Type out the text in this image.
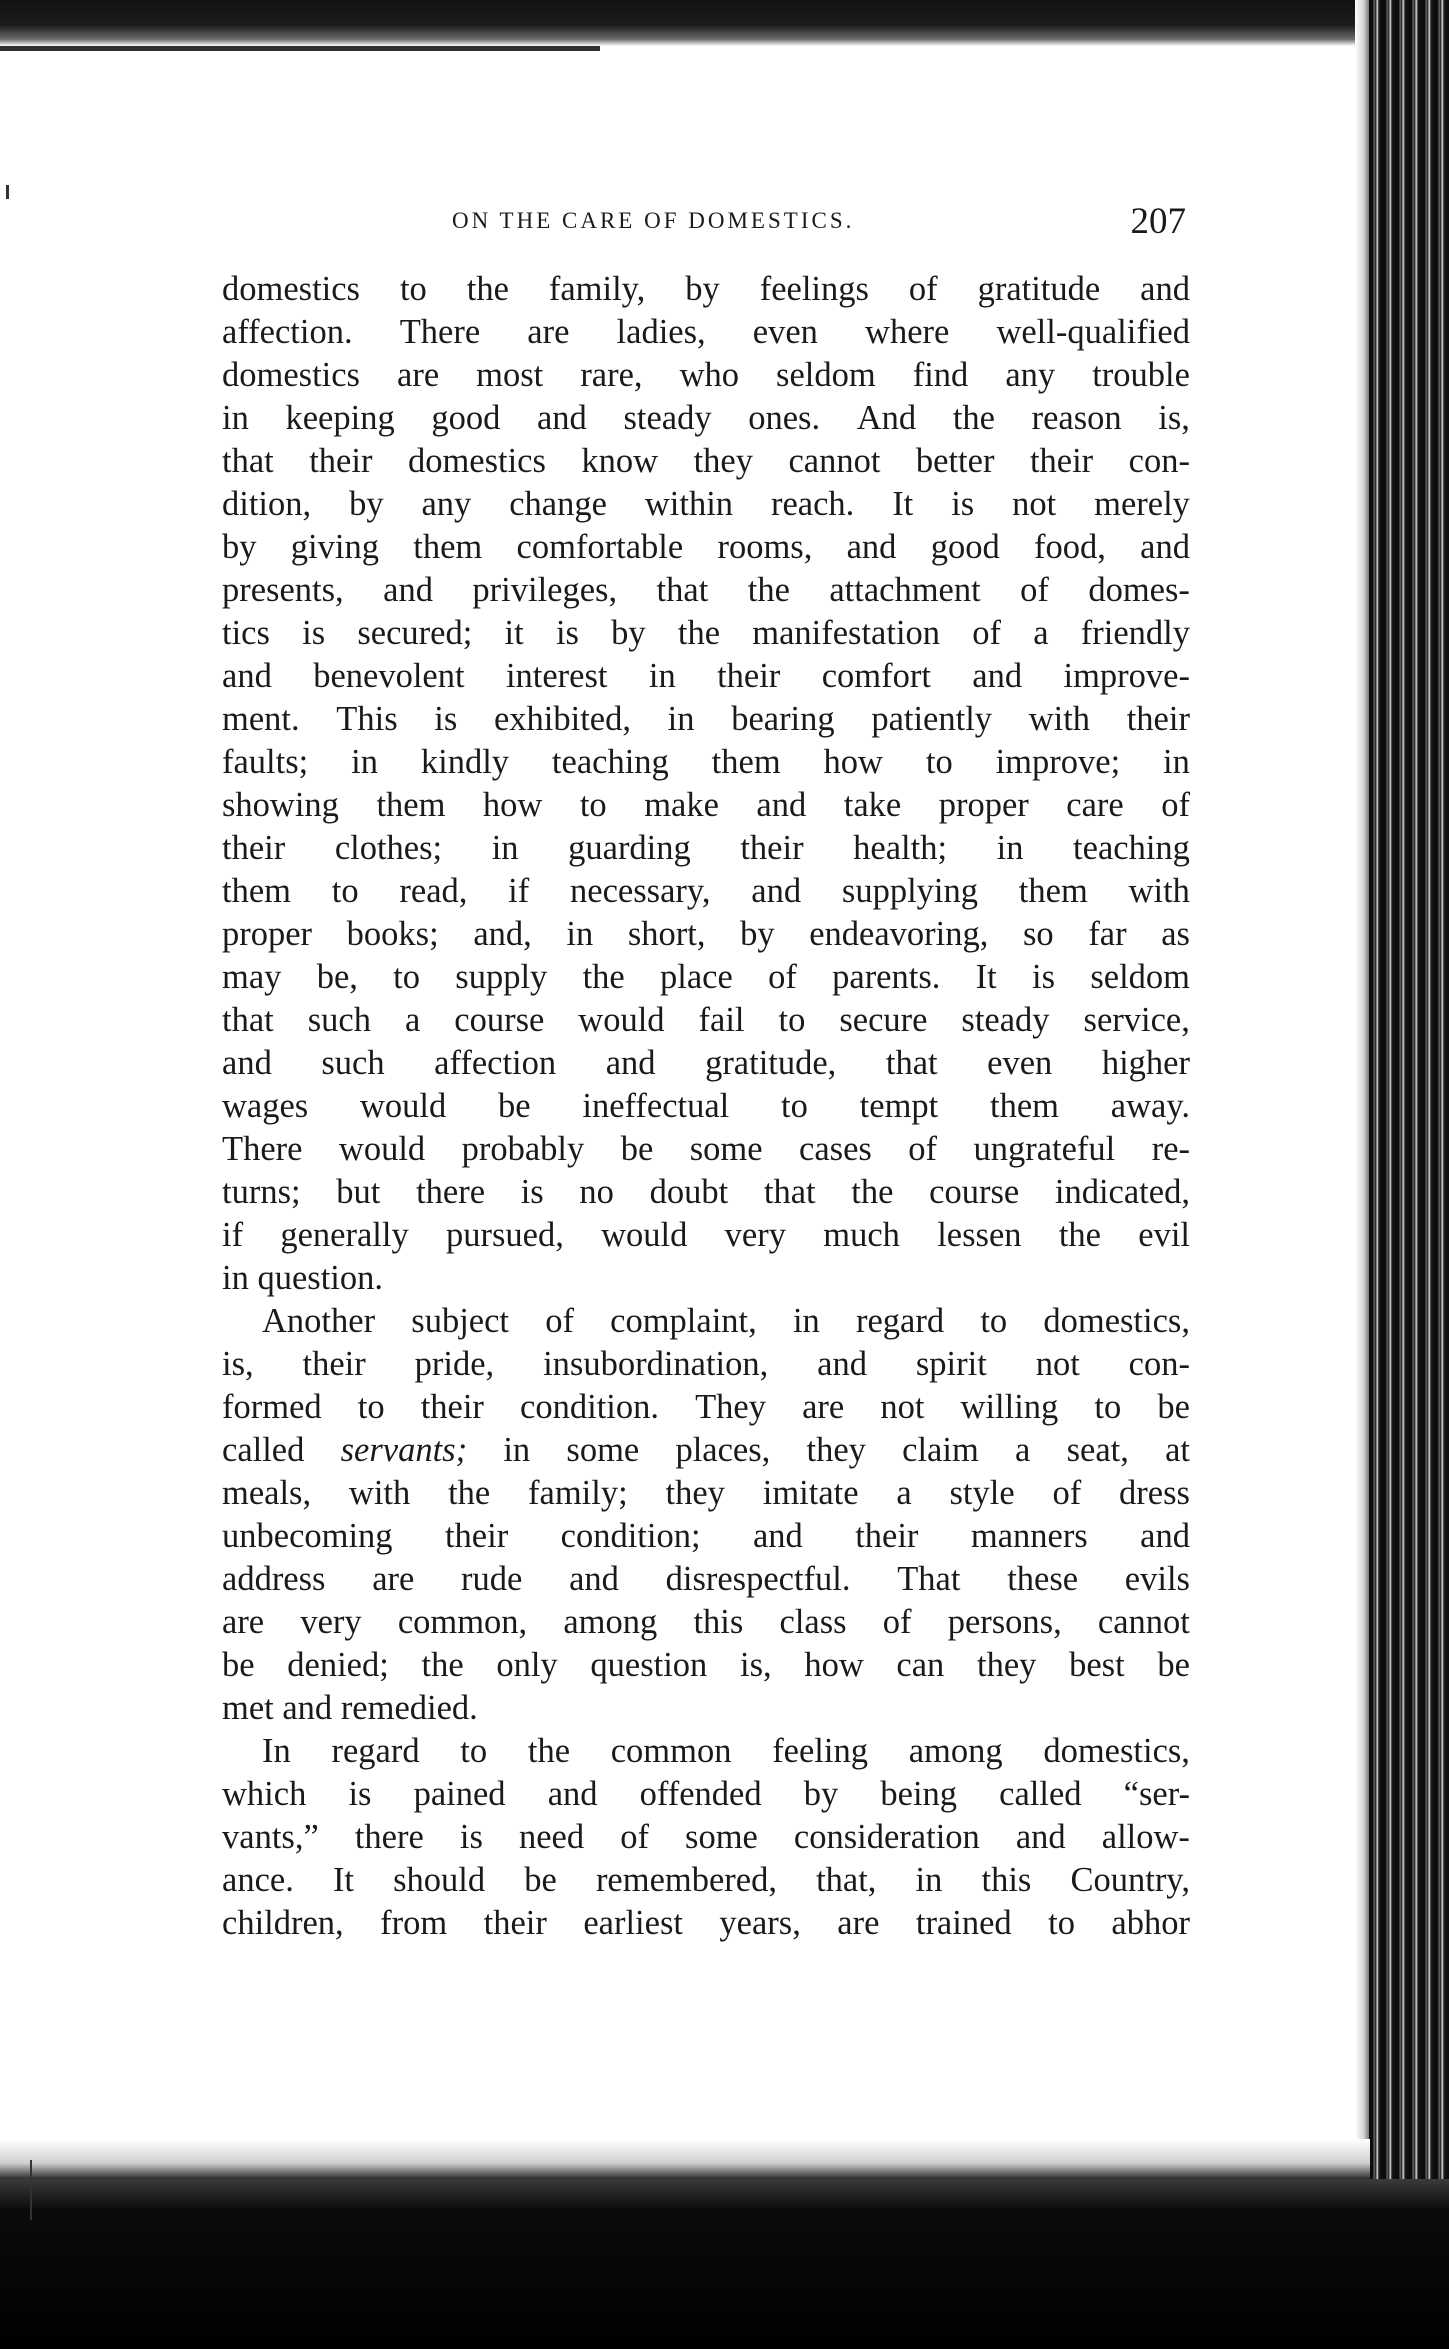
ON THE CARE OF DOMESTICS.	207
domestics to the family, by feelings of gratitude and
affection. There are ladies, even where well-qualified
domestics are most rare, who seldom find any trouble
in keeping good and steady ones. And the reason is,
that their domestics know they cannot better their con-
dition, by any change within reach. It is not merely
by giving them comfortable rooms, and good food, and
presents, and privileges, that the attachment of domes-
tics is secured; it is by the manifestation of a friendly
and benevolent interest in their comfort and improve-
ment. This is exhibited, in bearing patiently with their
faults; in kindly teaching them how to improve; in
showing them how to make and take proper care of
their clothes; in guarding their health; in teaching
them to read, if necessary, and supplying them with
proper books; and, in short, by endeavoring, so far as
may be, to supply the place of parents. It is seldom
that such a course would fail to secure steady service,
and such affection and gratitude, that even higher
wages would be ineffectual to tempt them away.
There would probably be some cases of ungrateful re-
turns; but there is no doubt that the course indicated,
if generally pursued, would very much lessen the evil
in question.
Another subject of complaint, in regard to domestics,
is, their pride, insubordination, and spirit not con-
formed to their condition. They are not willing to be
called servants; in some places, they claim a seat, at
meals, with the family; they imitate a style of dress
unbecoming their condition; and their manners and
address are rude and disrespectful. That these evils
are very common, among this class of persons, cannot
be denied; the only question is, how can they best be
met and remedied.
In regard to the common feeling among domestics,
which is pained and offended by being called “ser-
vants,” there is need of some consideration and allow-
ance. It should be remembered, that, in this Country,
children, from their earliest years, are trained to abhor
